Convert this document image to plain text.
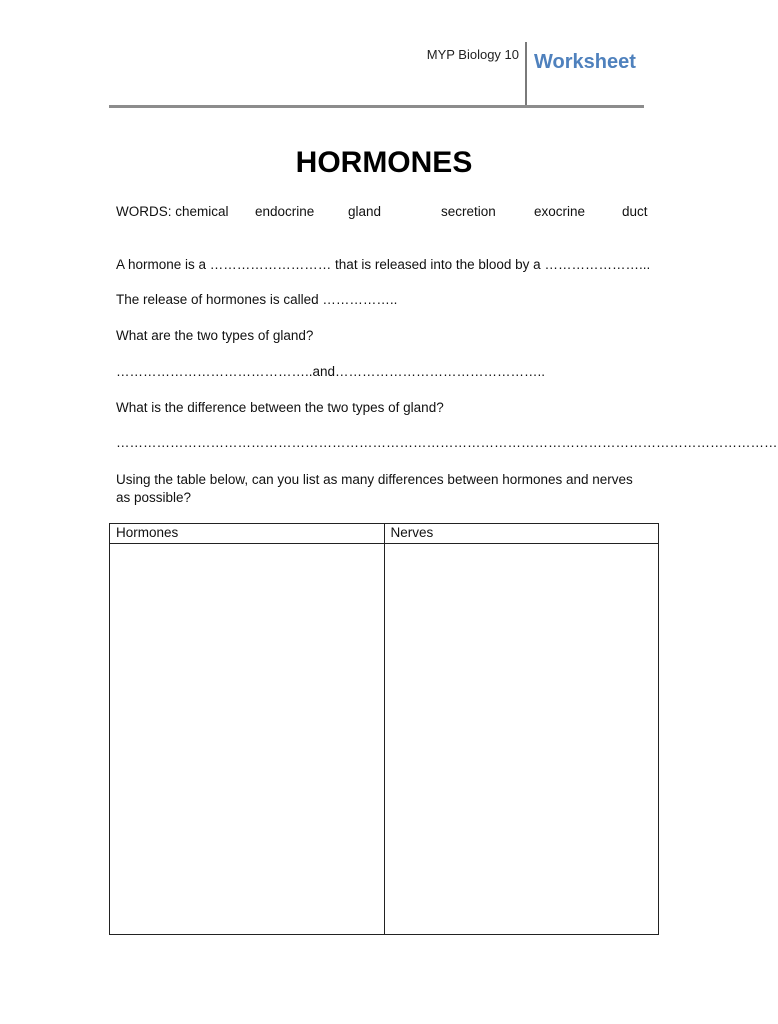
MYP Biology 10 Worksheet
HORMONES
WORDS: chemical endocrine gland	secretion	exocrine	duct
A hormone is a ……………………… that is released into the blood by a …………………...
The release of hormones is called ……………..
What are the two types of gland?
……………………………………..and………………………………………..
What is the difference between the two types of gland?
…………………………………………………………………………………………………………………………………
Using the table below, can you list as many differences between hormones and nerves as possible?
Hormones	Nerves
